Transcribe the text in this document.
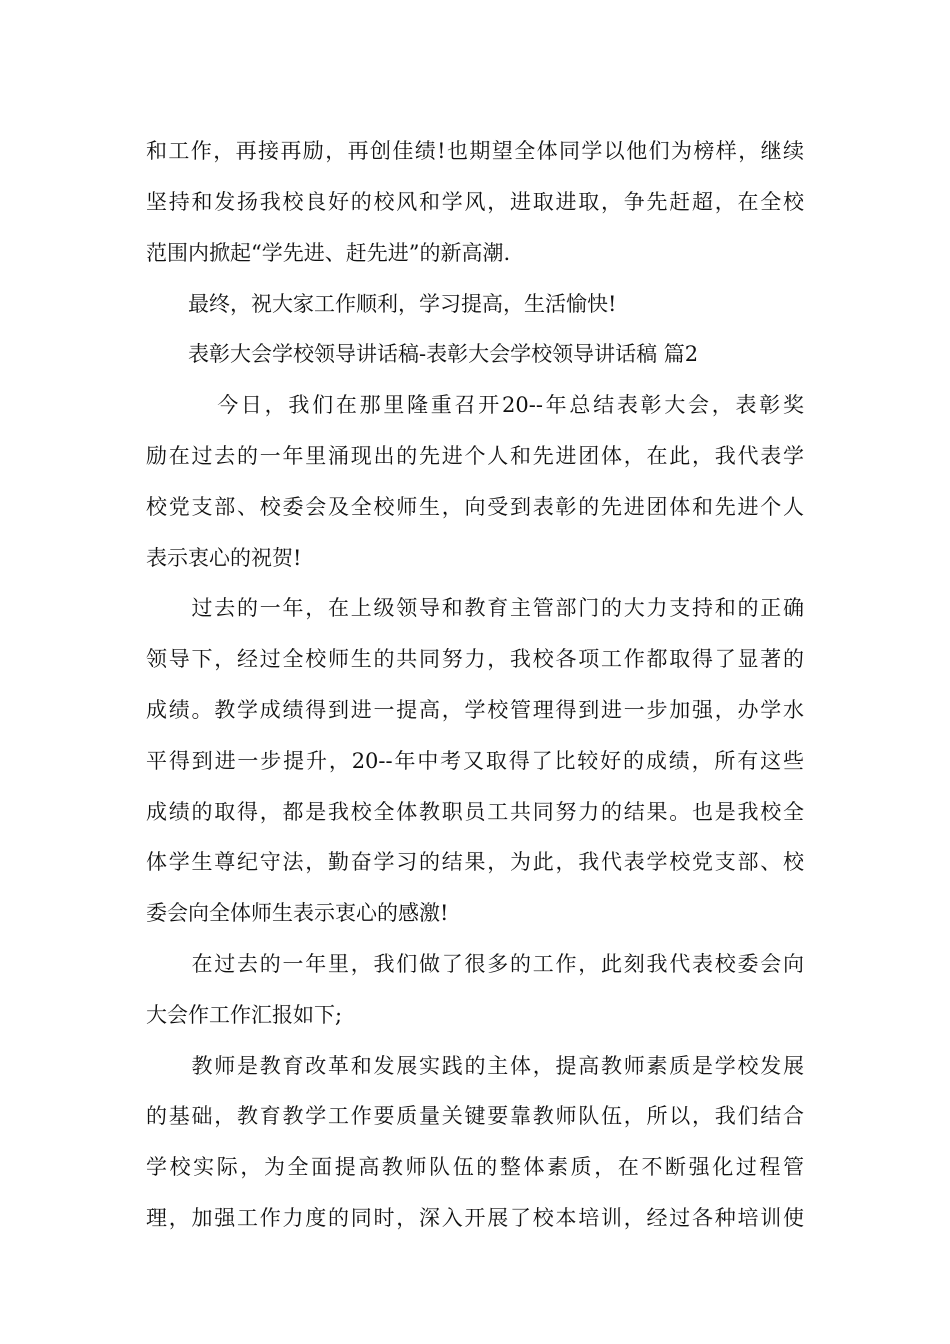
和工作，再接再励，再创佳绩!也期望全体同学以他们为榜样，继续
坚持和发扬我校良好的校风和学风，进取进取，争先赶超，在全校
范围内掀起“学先进、赶先进”的新高潮.
　　最终，祝大家工作顺利，学习提高，生活愉快!
　　表彰大会学校领导讲话稿-表彰大会学校领导讲话稿 篇2
　　　今日，我们在那里隆重召开20--年总结表彰大会，表彰奖
励在过去的一年里涌现出的先进个人和先进团体，在此，我代表学
校党支部、校委会及全校师生，向受到表彰的先进团体和先进个人
表示衷心的祝贺!
　　过去的一年，在上级领导和教育主管部门的大力支持和的正确
领导下，经过全校师生的共同努力，我校各项工作都取得了显著的
成绩。教学成绩得到进一提高，学校管理得到进一步加强，办学水
平得到进一步提升，20--年中考又取得了比较好的成绩，所有这些
成绩的取得，都是我校全体教职员工共同努力的结果。也是我校全
体学生尊纪守法，勤奋学习的结果，为此，我代表学校党支部、校
委会向全体师生表示衷心的感激!
　　在过去的一年里，我们做了很多的工作，此刻我代表校委会向
大会作工作汇报如下;
　　教师是教育改革和发展实践的主体，提高教师素质是学校发展
的基础，教育教学工作要质量关键要靠教师队伍，所以，我们结合
学校实际，为全面提高教师队伍的整体素质，在不断强化过程管
理，加强工作力度的同时，深入开展了校本培训，经过各种培训使
